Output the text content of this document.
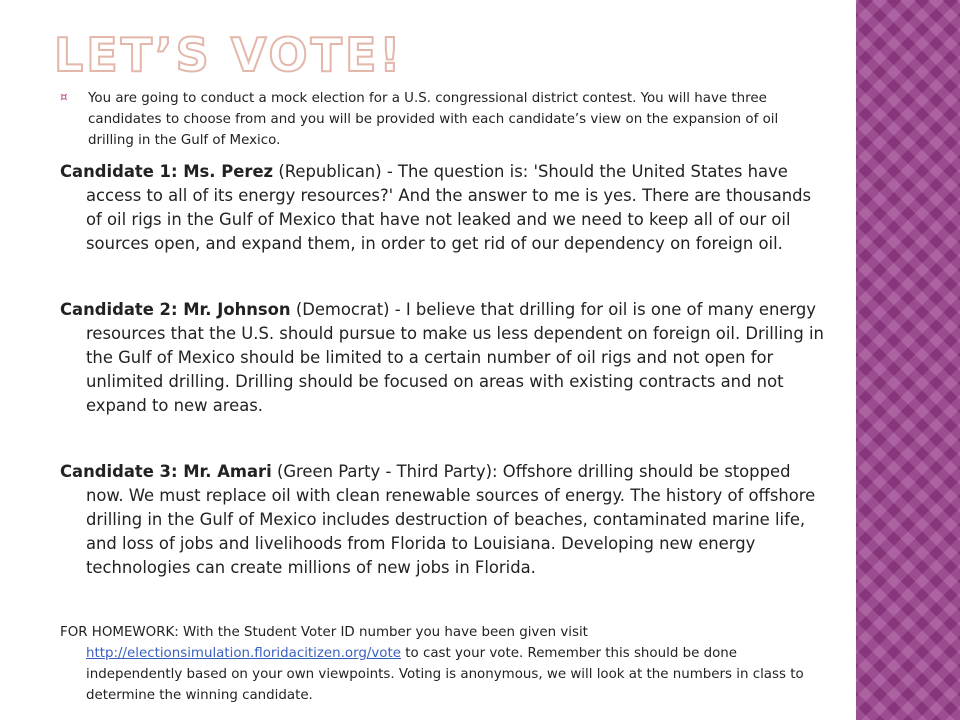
LET’S VOTE!
¤ You are going to conduct a mock election for a U.S. congressional district contest. You will have three candidates to choose from and you will be provided with each candidate’s view on the expansion of oil drilling in the Gulf of Mexico.

Candidate 1: Ms. Perez (Republican) - The question is: 'Should the United States have access to all of its energy resources?' And the answer to me is yes. There are thousands of oil rigs in the Gulf of Mexico that have not leaked and we need to keep all of our oil sources open, and expand them, in order to get rid of our dependency on foreign oil.

Candidate 2: Mr. Johnson (Democrat) - I believe that drilling for oil is one of many energy resources that the U.S. should pursue to make us less dependent on foreign oil. Drilling in the Gulf of Mexico should be limited to a certain number of oil rigs and not open for unlimited drilling. Drilling should be focused on areas with existing contracts and not expand to new areas.

Candidate 3: Mr. Amari (Green Party - Third Party): Offshore drilling should be stopped now. We must replace oil with clean renewable sources of energy. The history of offshore drilling in the Gulf of Mexico includes destruction of beaches, contaminated marine life, and loss of jobs and livelihoods from Florida to Louisiana. Developing new energy technologies can create millions of new jobs in Florida.

FOR HOMEWORK: With the Student Voter ID number you have been given visit http://electionsimulation.floridacitizen.org/vote to cast your vote. Remember this should be done independently based on your own viewpoints. Voting is anonymous, we will look at the numbers in class to determine the winning candidate.
